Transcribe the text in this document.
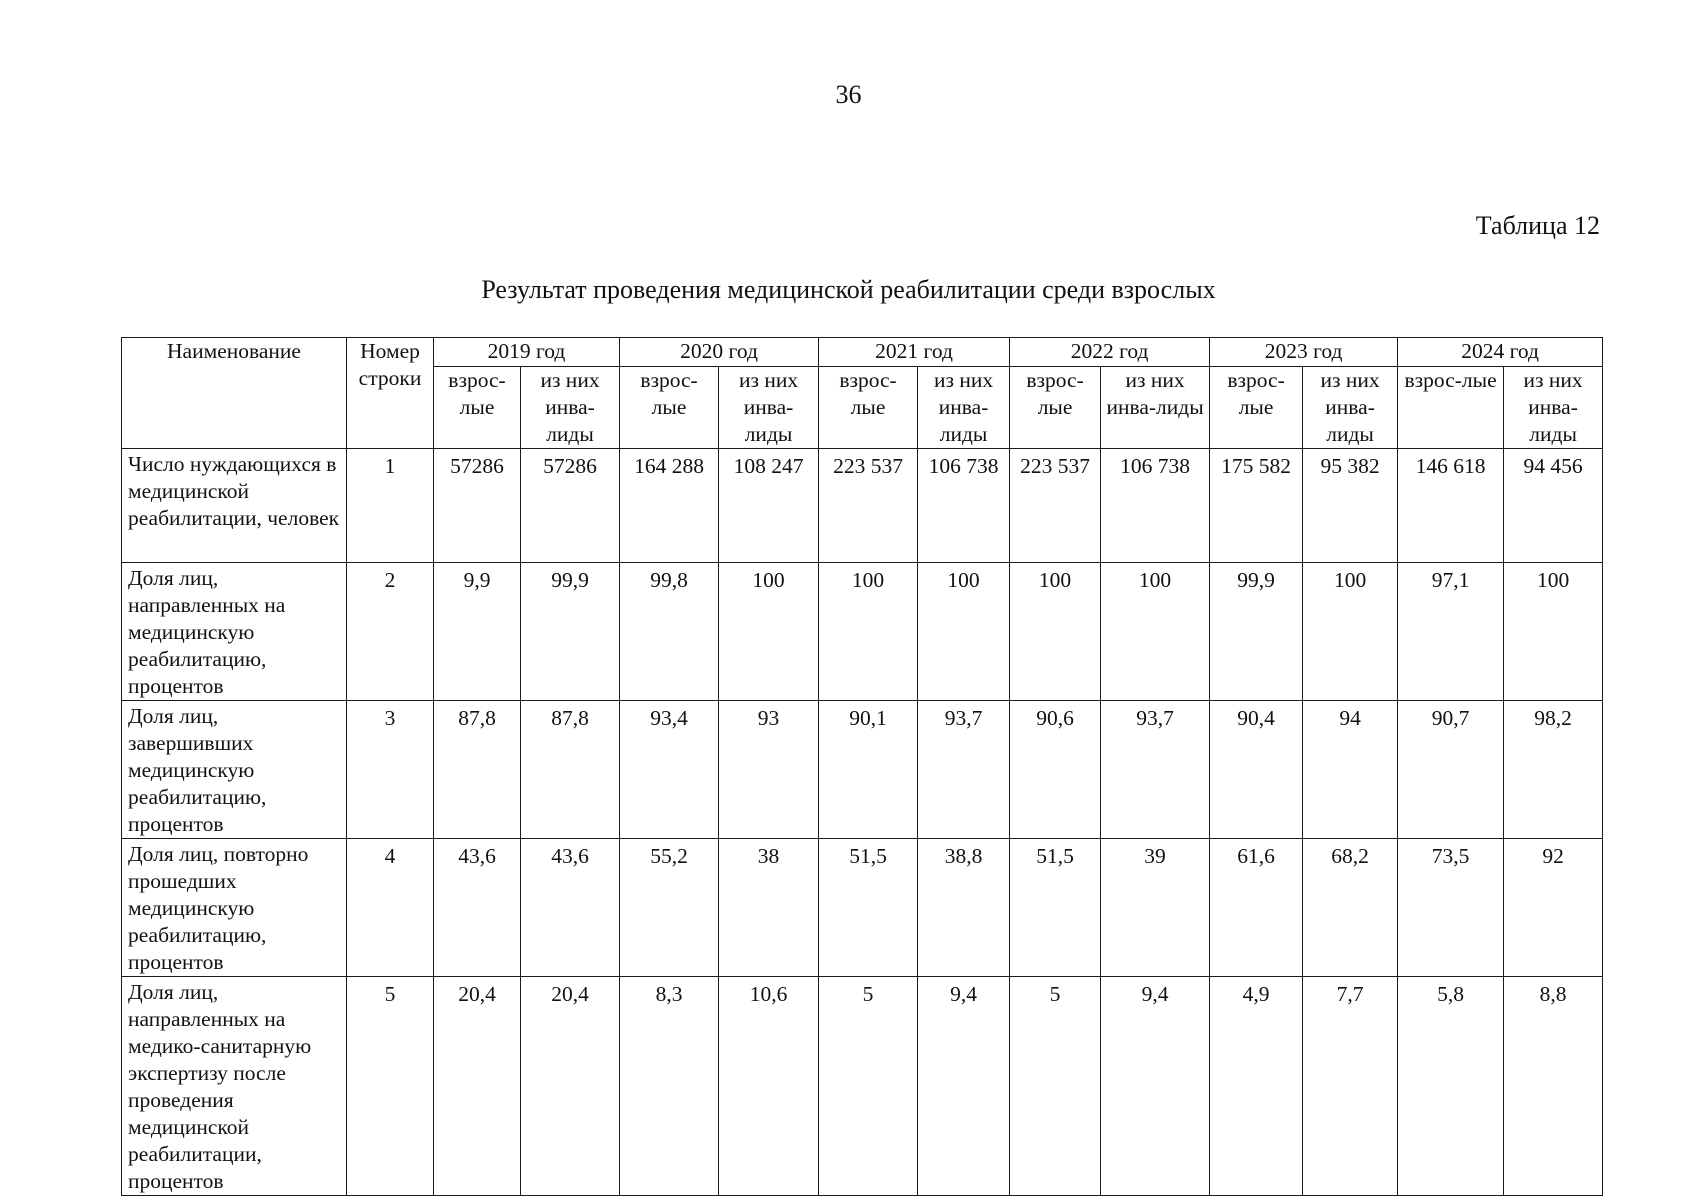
36
Таблица 12
Результат проведения медицинской реабилитации среди взрослых
Наименование	Номер строки	2019 год		2020 год		2021 год		2022 год		2023 год		2024 год	
		взрос-лые	из них инва-лиды	взрос-лые	из них инва-лиды	взрос-лые	из них инва-лиды	взрос-лые	из них инва-лиды	взрос-лые	из них инва-лиды	взрос-лые	из них инва-лиды
Число нуждающихся в медицинской реабилитации, человек	1	57286	57286	164 288	108 247	223 537	106 738	223 537	106 738	175 582	95 382	146 618	94 456
Доля лиц, направленных на медицинскую реабилитацию, процентов	2	9,9	99,9	99,8	100	100	100	100	100	99,9	100	97,1	100
Доля лиц, завершивших медицинскую реабилитацию, процентов	3	87,8	87,8	93,4	93	90,1	93,7	90,6	93,7	90,4	94	90,7	98,2
Доля лиц, повторно прошедших медицинскую реабилитацию, процентов	4	43,6	43,6	55,2	38	51,5	38,8	51,5	39	61,6	68,2	73,5	92
Доля лиц, направленных на медико-санитарную экспертизу после проведения медицинской реабилитации, процентов	5	20,4	20,4	8,3	10,6	5	9,4	5	9,4	4,9	7,7	5,8	8,8
